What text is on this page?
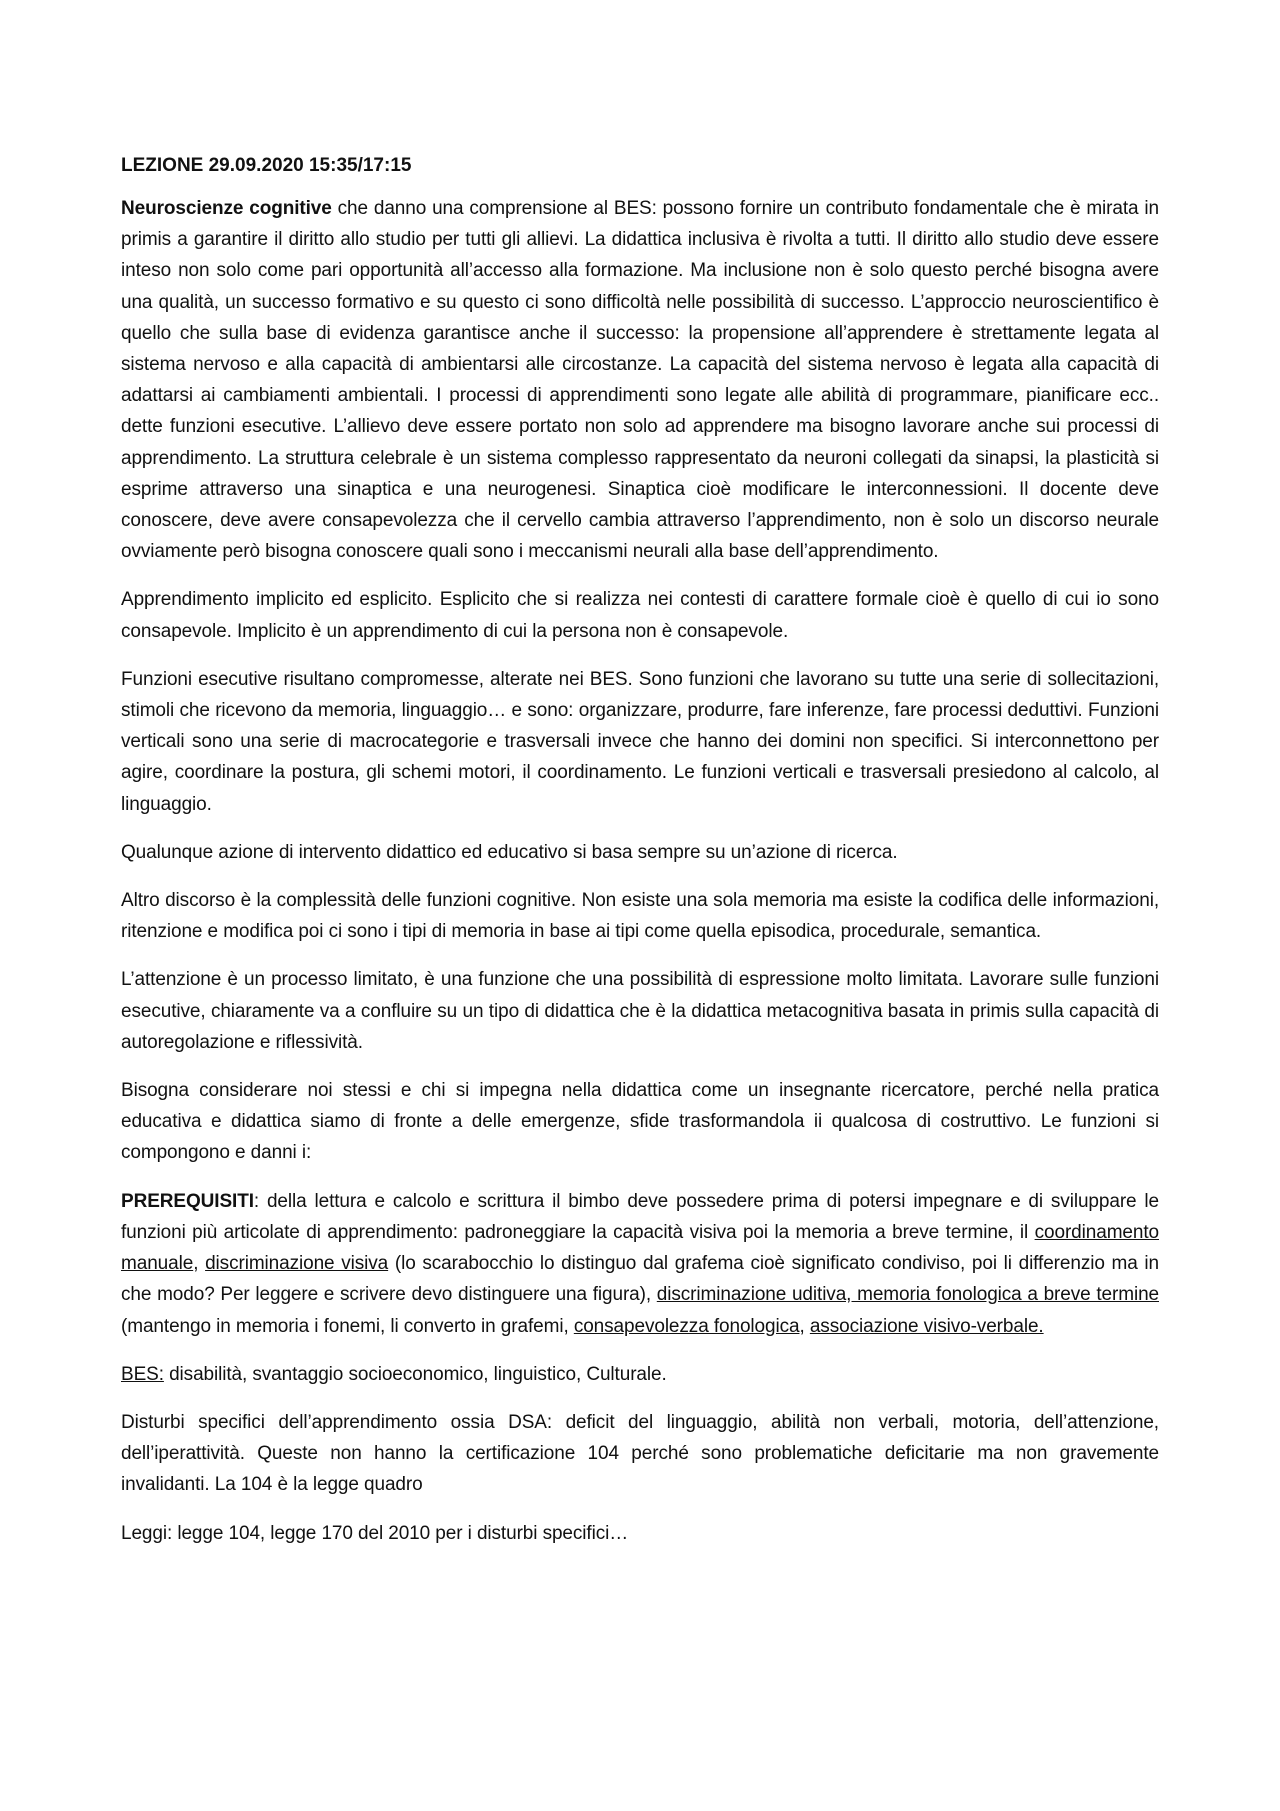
LEZIONE 29.09.2020 15:35/17:15

Neuroscienze cognitive che danno una comprensione al BES: possono fornire un contributo fondamentale che è mirata in primis a garantire il diritto allo studio per tutti gli allievi. La didattica inclusiva è rivolta a tutti. Il diritto allo studio deve essere inteso non solo come pari opportunità all’accesso alla formazione. Ma inclusione non è solo questo perché bisogna avere una qualità, un successo formativo e su questo ci sono difficoltà nelle possibilità di successo. L’approccio neuroscientifico è quello che sulla base di evidenza garantisce anche il successo: la propensione all’apprendere è strettamente legata al sistema nervoso e alla capacità di ambientarsi alle circostanze. La capacità del sistema nervoso è legata alla capacità di adattarsi ai cambiamenti ambientali. I processi di apprendimenti sono legate alle abilità di programmare, pianificare ecc.. dette funzioni esecutive. L’allievo deve essere portato non solo ad apprendere ma bisogno lavorare anche sui processi di apprendimento. La struttura celebrale è un sistema complesso rappresentato da neuroni collegati da sinapsi, la plasticità si esprime attraverso una sinaptica e una neurogenesi. Sinaptica cioè modificare le interconnessioni. Il docente deve conoscere, deve avere consapevolezza che il cervello cambia attraverso l’apprendimento, non è solo un discorso neurale ovviamente però bisogna conoscere quali sono i meccanismi neurali alla base dell’apprendimento.

Apprendimento implicito ed esplicito. Esplicito che si realizza nei contesti di carattere formale cioè è quello di cui io sono consapevole. Implicito è un apprendimento di cui la persona non è consapevole.

Funzioni esecutive risultano compromesse, alterate nei BES. Sono funzioni che lavorano su tutte una serie di sollecitazioni, stimoli che ricevono da memoria, linguaggio… e sono: organizzare, produrre, fare inferenze, fare processi deduttivi. Funzioni verticali sono una serie di macrocategorie e trasversali invece che hanno dei domini non specifici. Si interconnettono per agire, coordinare la postura, gli schemi motori, il coordinamento. Le funzioni verticali e trasversali presiedono al calcolo, al linguaggio.

Qualunque azione di intervento didattico ed educativo si basa sempre su un’azione di ricerca.

Altro discorso è la complessità delle funzioni cognitive. Non esiste una sola memoria ma esiste la codifica delle informazioni, ritenzione e modifica poi ci sono i tipi di memoria in base ai tipi come quella episodica, procedurale, semantica.

L’attenzione è un processo limitato, è una funzione che una possibilità di espressione molto limitata. Lavorare sulle funzioni esecutive, chiaramente va a confluire su un tipo di didattica che è la didattica metacognitiva basata in primis sulla capacità di autoregolazione e riflessività.

Bisogna considerare noi stessi e chi si impegna nella didattica come un insegnante ricercatore, perché nella pratica educativa e didattica siamo di fronte a delle emergenze, sfide trasformandola ii qualcosa di costruttivo. Le funzioni si compongono e danni i:

PREREQUISITI: della lettura e calcolo e scrittura il bimbo deve possedere prima di potersi impegnare e di sviluppare le funzioni più articolate di apprendimento: padroneggiare la capacità visiva poi la memoria a breve termine, il coordinamento manuale, discriminazione visiva (lo scarabocchio lo distinguo dal grafema cioè significato condiviso, poi li differenzio ma in che modo? Per leggere e scrivere devo distinguere una figura), discriminazione uditiva, memoria fonologica a breve termine (mantengo in memoria i fonemi, li converto in grafemi, consapevolezza fonologica, associazione visivo-verbale.

BES: disabilità, svantaggio socioeconomico, linguistico, Culturale.

Disturbi specifici dell’apprendimento ossia DSA: deficit del linguaggio, abilità non verbali, motoria, dell’attenzione, dell’iperattività. Queste non hanno la certificazione 104 perché sono problematiche deficitarie ma non gravemente invalidanti. La 104 è la legge quadro

Leggi: legge 104, legge 170 del 2010 per i disturbi specifici…
